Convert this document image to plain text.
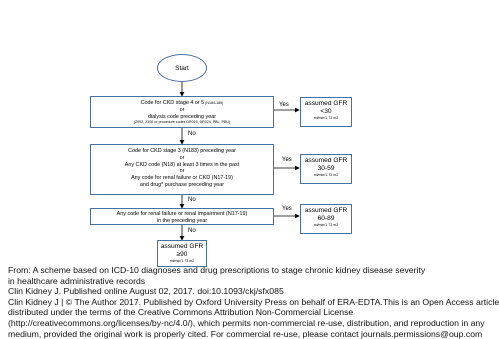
Start
Code for CKD stage 4 or 5 (N184-185)
or
dialysis code preceding year
(Z992, Z492 or procedure codes DR016, DR024, PBL, PBU)
Yes	assumed GFR
<30
ml/min/1.73 m2
No
Code for CKD stage 3 (N183) preceding year
or
Any CKD code (N18) at least 3 times in the past
or
Any code for renal failure or CKD (N17-19)
and drug* purchase preceding year
Yes	assumed GFR
30-59
ml/min/1.73 m2
No
Any code for renal failure or renal impairment (N17-19)
in the preceding year
Yes	assumed GFR
60-89
ml/min/1.73 m2
No
assumed GFR
≥90
ml/min/1.73 m2
From: A scheme based on ICD-10 diagnoses and drug prescriptions to stage chronic kidney disease severity
in healthcare administrative records
Clin Kidney J. Published online August 02, 2017. doi:10.1093/ckj/sfx085
Clin Kidney J | © The Author 2017. Published by Oxford University Press on behalf of ERA-EDTA.This is an Open Access article
distributed under the terms of the Creative Commons Attribution Non-Commercial License
(http://creativecommons.org/licenses/by-nc/4.0/), which permits non-commercial re-use, distribution, and reproduction in any
medium, provided the original work is properly cited. For commercial re-use, please contact journals.permissions@oup.com
